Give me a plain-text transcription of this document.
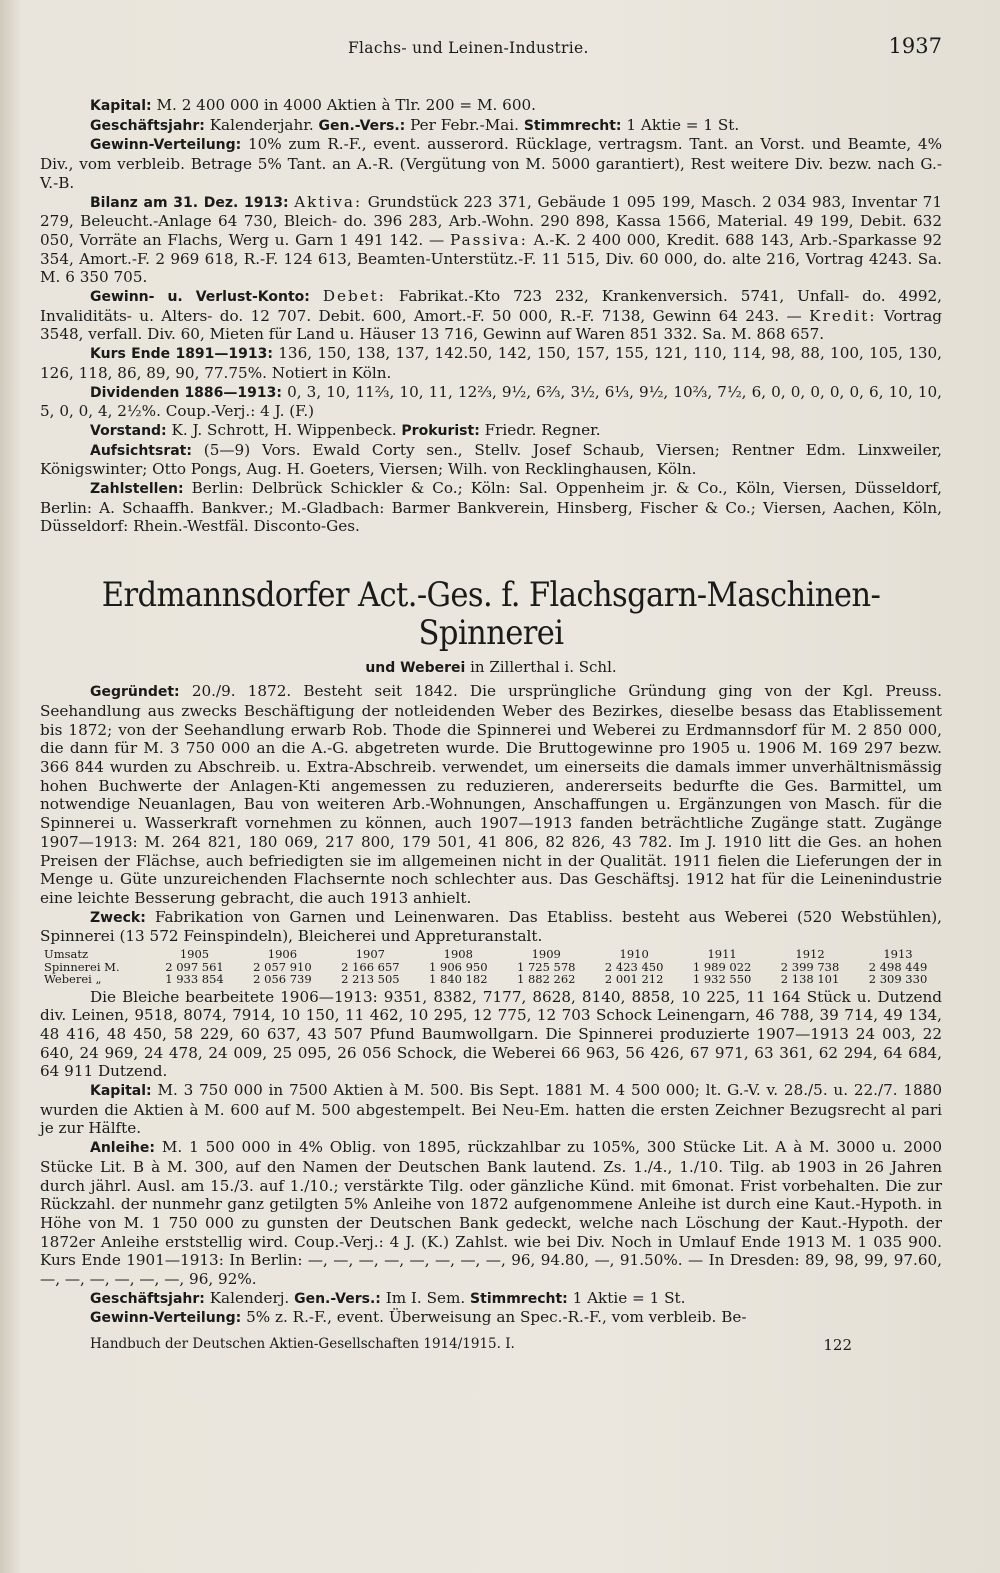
Flachs- und Leinen-Industrie.	1937

Kapital: M. 2 400 000 in 4000 Aktien à Tlr. 200 = M. 600.

Geschäftsjahr: Kalenderjahr. Gen.-Vers.: Per Febr.-Mai. Stimmrecht: 1 Aktie = 1 St.

Gewinn-Verteilung: 10% zum R.-F., event. ausserord. Rücklage, vertragsm. Tant. an Vorst. und Beamte, 4% Div., vom verbleib. Betrage 5% Tant. an A.-R. (Vergütung von M. 5000 garantiert), Rest weitere Div. bezw. nach G.-V.-B.

Bilanz am 31. Dez. 1913: Aktiva: Grundstück 223 371, Gebäude 1 095 199, Masch. 2 034 983, Inventar 71 279, Beleucht.-Anlage 64 730, Bleich- do. 396 283, Arb.-Wohn. 290 898, Kassa 1566, Material. 49 199, Debit. 632 050, Vorräte an Flachs, Werg u. Garn 1 491 142. — Passiva: A.-K. 2 400 000, Kredit. 688 143, Arb.-Sparkasse 92 354, Amort.-F. 2 969 618, R.-F. 124 613, Beamten-Unterstütz.-F. 11 515, Div. 60 000, do. alte 216, Vortrag 4243. Sa. M. 6 350 705.

Gewinn- u. Verlust-Konto: Debet: Fabrikat.-Kto 723 232, Krankenversich. 5741, Unfall- do. 4992, Invaliditäts- u. Alters- do. 12 707. Debit. 600, Amort.-F. 50 000, R.-F. 7138, Gewinn 64 243. — Kredit: Vortrag 3548, verfall. Div. 60, Mieten für Land u. Häuser 13 716, Gewinn auf Waren 851 332. Sa. M. 868 657.

Kurs Ende 1891—1913: 136, 150, 138, 137, 142.50, 142, 150, 157, 155, 121, 110, 114, 98, 88, 100, 105, 130, 126, 118, 86, 89, 90, 77.75%. Notiert in Köln.

Dividenden 1886—1913: 0, 3, 10, 11⅔, 10, 11, 12⅔, 9½, 6⅔, 3½, 6⅓, 9½, 10⅔, 7½, 6, 0, 0, 0, 0, 0, 6, 10, 10, 5, 0, 0, 4, 2½%. Coup.-Verj.: 4 J. (F.)

Vorstand: K. J. Schrott, H. Wippenbeck. Prokurist: Friedr. Regner.

Aufsichtsrat: (5—9) Vors. Ewald Corty sen., Stellv. Josef Schaub, Viersen; Rentner Edm. Linxweiler, Königswinter; Otto Pongs, Aug. H. Goeters, Viersen; Wilh. von Recklinghausen, Köln.

Zahlstellen: Berlin: Delbrück Schickler & Co.; Köln: Sal. Oppenheim jr. & Co., Köln, Viersen, Düsseldorf, Berlin: A. Schaaffh. Bankver.; M.-Gladbach: Barmer Bankverein, Hinsberg, Fischer & Co.; Viersen, Aachen, Köln, Düsseldorf: Rhein.-Westfäl. Disconto-Ges.

Erdmannsdorfer Act.-Ges. f. Flachsgarn-Maschinen-Spinnerei
und Weberei in Zillerthal i. Schl.

Gegründet: 20./9. 1872. Besteht seit 1842. Die ursprüngliche Gründung ging von der Kgl. Preuss. Seehandlung aus zwecks Beschäftigung der notleidenden Weber des Bezirkes, dieselbe besass das Etablissement bis 1872; von der Seehandlung erwarb Rob. Thode die Spinnerei und Weberei zu Erdmannsdorf für M. 2 850 000, die dann für M. 3 750 000 an die A.-G. abgetreten wurde. Die Bruttogewinne pro 1905 u. 1906 M. 169 297 bezw. 366 844 wurden zu Abschreib. u. Extra-Abschreib. verwendet, um einerseits die damals immer unverhältnismässig hohen Buchwerte der Anlagen-Kti angemessen zu reduzieren, andererseits bedurfte die Ges. Barmittel, um notwendige Neuanlagen, Bau von weiteren Arb.-Wohnungen, Anschaffungen u. Ergänzungen von Masch. für die Spinnerei u. Wasserkraft vornehmen zu können, auch 1907—1913 fanden beträchtliche Zugänge statt. Zugänge 1907—1913: M. 264 821, 180 069, 217 800, 179 501, 41 806, 82 826, 43 782. Im J. 1910 litt die Ges. an hohen Preisen der Flächse, auch befriedigten sie im allgemeinen nicht in der Qualität. 1911 fielen die Lieferungen der in Menge u. Güte unzureichenden Flachsernte noch schlechter aus. Das Geschäftsj. 1912 hat für die Leinenindustrie eine leichte Besserung gebracht, die auch 1913 anhielt.

Zweck: Fabrikation von Garnen und Leinenwaren. Das Etabliss. besteht aus Weberei (520 Webstühlen), Spinnerei (13 572 Feinspindeln), Bleicherei und Appreturanstalt.

Umsatz	1905	1906	1907	1908	1909	1910	1911	1912	1913
Spinnerei M.	2 097 561	2 057 910	2 166 657	1 906 950	1 725 578	2 423 450	1 989 022	2 399 738	2 498 449
Weberei „	1 933 854	2 056 739	2 213 505	1 840 182	1 882 262	2 001 212	1 932 550	2 138 101	2 309 330

Die Bleiche bearbeitete 1906—1913: 9351, 8382, 7177, 8628, 8140, 8858, 10 225, 11 164 Stück u. Dutzend div. Leinen, 9518, 8074, 7914, 10 150, 11 462, 10 295, 12 775, 12 703 Schock Leinengarn, 46 788, 39 714, 49 134, 48 416, 48 450, 58 229, 60 637, 43 507 Pfund Baumwollgarn. Die Spinnerei produzierte 1907—1913 24 003, 22 640, 24 969, 24 478, 24 009, 25 095, 26 056 Schock, die Weberei 66 963, 56 426, 67 971, 63 361, 62 294, 64 684, 64 911 Dutzend.

Kapital: M. 3 750 000 in 7500 Aktien à M. 500. Bis Sept. 1881 M. 4 500 000; lt. G.-V. v. 28./5. u. 22./7. 1880 wurden die Aktien à M. 600 auf M. 500 abgestempelt. Bei Neu-Em. hatten die ersten Zeichner Bezugsrecht al pari je zur Hälfte.

Anleihe: M. 1 500 000 in 4% Oblig. von 1895, rückzahlbar zu 105%, 300 Stücke Lit. A à M. 3000 u. 2000 Stücke Lit. B à M. 300, auf den Namen der Deutschen Bank lautend. Zs. 1./4., 1./10. Tilg. ab 1903 in 26 Jahren durch jährl. Ausl. am 15./3. auf 1./10.; verstärkte Tilg. oder gänzliche Künd. mit 6monat. Frist vorbehalten. Die zur Rückzahl. der nunmehr ganz getilgten 5% Anleihe von 1872 aufgenommene Anleihe ist durch eine Kaut.-Hypoth. in Höhe von M. 1 750 000 zu gunsten der Deutschen Bank gedeckt, welche nach Löschung der Kaut.-Hypoth. der 1872er Anleihe erststellig wird. Coup.-Verj.: 4 J. (K.) Zahlst. wie bei Div. Noch in Umlauf Ende 1913 M. 1 035 900. Kurs Ende 1901—1913: In Berlin: —, —, —, —, —, —, —, —, 96, 94.80, —, 91.50%. — In Dresden: 89, 98, 99, 97.60, —, —, —, —, —, —, 96, 92%.

Geschäftsjahr: Kalenderj. Gen.-Vers.: Im I. Sem. Stimmrecht: 1 Aktie = 1 St.

Gewinn-Verteilung: 5% z. R.-F., event. Überweisung an Spec.-R.-F., vom verbleib. Be-

Handbuch der Deutschen Aktien-Gesellschaften 1914/1915. I.	122
